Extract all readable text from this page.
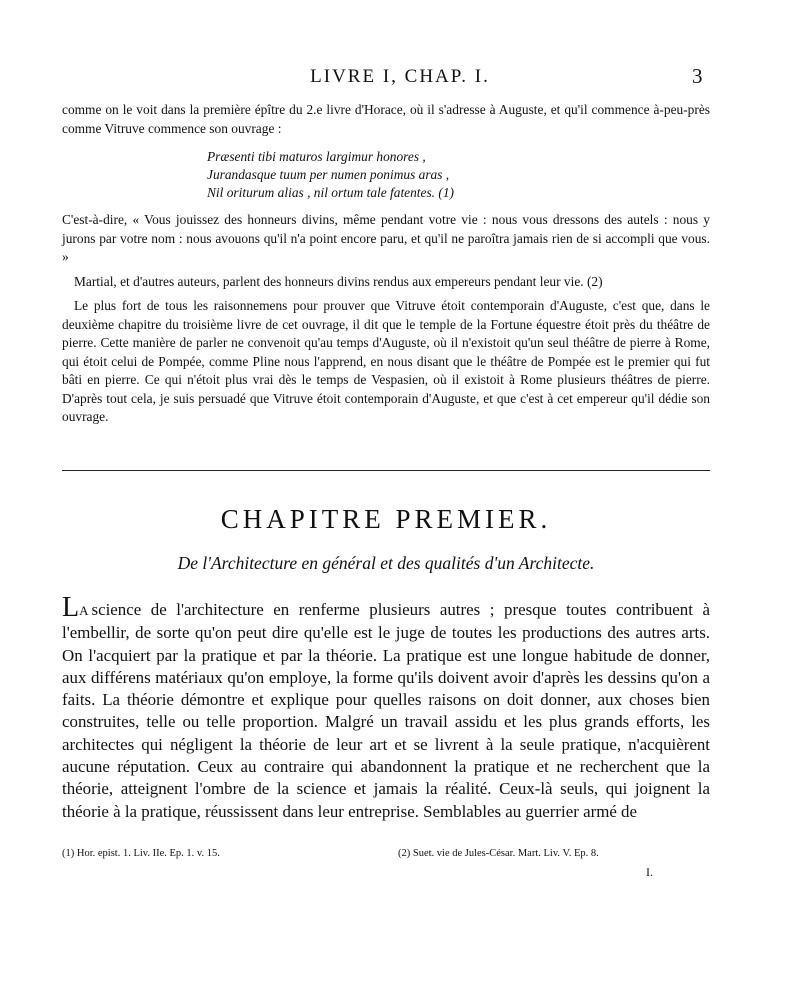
LIVRE I, CHAP. I.	3

comme on le voit dans la première épître du 2.e livre d'Horace, où il s'adresse à Auguste, et qu'il commence à-peu-près comme Vitruve commence son ouvrage :

Præsenti tibi maturos largimur honores ,
Jurandasque tuum per numen ponimus aras ,
Nil oriturum alias , nil ortum tale fatentes. (1)

C'est-à-dire, « Vous jouissez des honneurs divins, même pendant votre vie : nous vous dressons des autels : nous y jurons par votre nom : nous avouons qu'il n'a point encore paru, et qu'il ne paroîtra jamais rien de si accompli que vous. »

Martial, et d'autres auteurs, parlent des honneurs divins rendus aux empereurs pendant leur vie. (2)

Le plus fort de tous les raisonnemens pour prouver que Vitruve étoit contemporain d'Auguste, c'est que, dans le deuxième chapitre du troisième livre de cet ouvrage, il dit que le temple de la Fortune équestre étoit près du théâtre de pierre. Cette manière de parler ne convenoit qu'au temps d'Auguste, où il n'existoit qu'un seul théâtre de pierre à Rome, qui étoit celui de Pompée, comme Pline nous l'apprend, en nous disant que le théâtre de Pompée est le premier qui fut bâti en pierre. Ce qui n'étoit plus vrai dès le temps de Vespasien, où il existoit à Rome plusieurs théâtres de pierre. D'après tout cela, je suis persuadé que Vitruve étoit contemporain d'Auguste, et que c'est à cet empereur qu'il dédie son ouvrage.

CHAPITRE PREMIER.
De l'Architecture en général et des qualités d'un Architecte.

LA science de l'architecture en renferme plusieurs autres ; presque toutes contribuent à l'embellir, de sorte qu'on peut dire qu'elle est le juge de toutes les productions des autres arts. On l'acquiert par la pratique et par la théorie. La pratique est une longue habitude de donner, aux différens matériaux qu'on employe, la forme qu'ils doivent avoir d'après les dessins qu'on a faits. La théorie démontre et explique pour quelles raisons on doit donner, aux choses bien construites, telle ou telle proportion. Malgré un travail assidu et les plus grands efforts, les architectes qui négligent la théorie de leur art et se livrent à la seule pratique, n'acquièrent aucune réputation. Ceux au contraire qui abandonnent la pratique et ne recherchent que la théorie, atteignent l'ombre de la science et jamais la réalité. Ceux-là seuls, qui joignent la théorie à la pratique, réussissent dans leur entreprise. Semblables au guerrier armé de

(1) Hor. epist. 1. Liv. IIe. Ep. 1. v. 15.	(2) Suet. vie de Jules-César. Mart. Liv. V. Ep. 8.
I.
